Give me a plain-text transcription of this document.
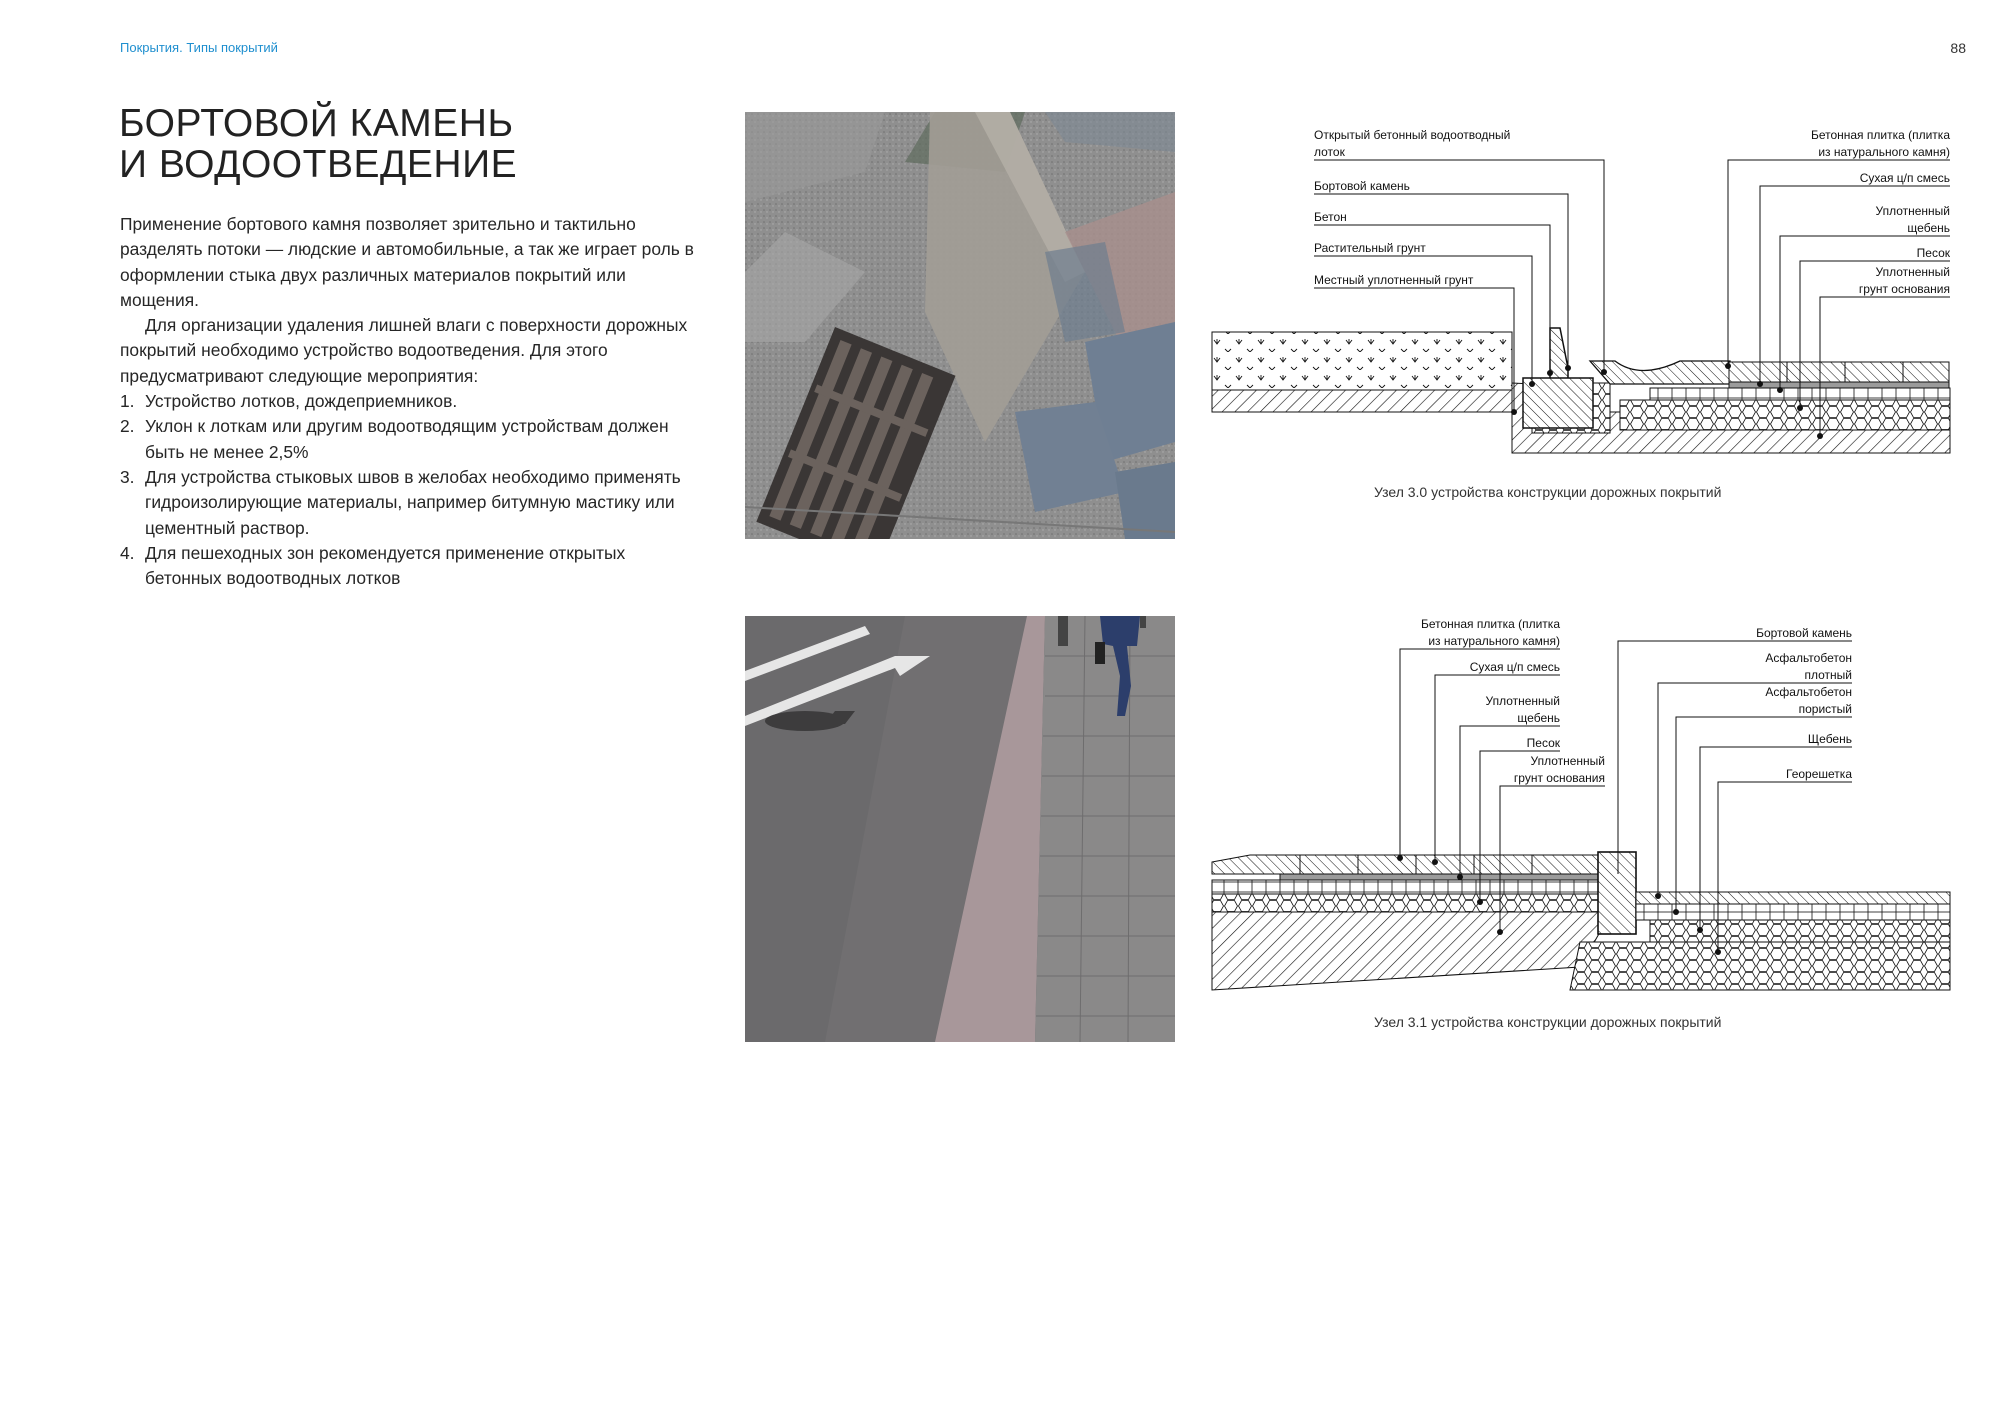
Покрытия. Типы покрытий	88
БОРТОВОЙ КАМЕНЬ
И ВОДООТВЕДЕНИЕ

Применение бортового камня позволяет зрительно и тактильно разделять потоки — людские и автомобильные, а так же играет роль в оформлении стыка двух различных материалов покрытий или мощения.

Для организации удаления лишней влаги с поверхности дорожных покрытий необходимо устройство водоотведения. Для этого предусматривают следующие мероприятия:

1. Устройство лотков, дождеприемников.
2. Уклон к лоткам или другим водоотводящим устройствам должен быть не менее 2,5%
3. Для устройства стыковых швов в желобах необходимо применять гидроизолирующие материалы, например битумную мастику или цементный раствор.
4. Для пешеходных зон рекомендуется применение открытых бетонных водоотводных лотков
Открытый бетонный водоотводный
лоток
Бортовой камень
Бетон
Растительный грунт
Местный уплотненный грунт
Бетонная плитка (плитка
из натурального камня)
Сухая ц/п смесь
Уплотненный
щебень
Песок
Уплотненный
грунт основания
Узел 3.0 устройства конструкции дорожных покрытий
Бетонная плитка (плитка
из натурального камня)
Сухая ц/п смесь
Уплотненный
щебень
Песок
Уплотненный
грунт основания
Бортовой камень
Асфальтобетон
плотный
Асфальтобетон
пористый
Щебень
Георешетка
Узел 3.1 устройства конструкции дорожных покрытий
